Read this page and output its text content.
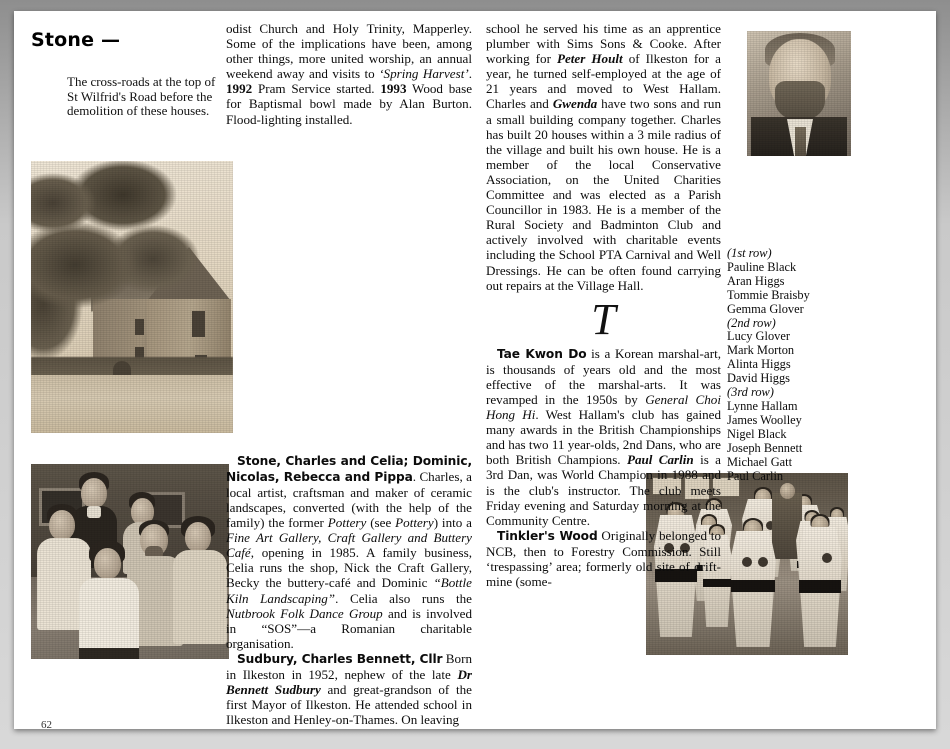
Stone —
The cross-roads at the top of St Wilfrid's Road before the demolition of these houses.

odist Church and Holy Trinity, Mapperley. Some of the implications have been, among other things, more united worship, an annual weekend away and visits to ‘Spring Harvest’. 1992 Pram Service started. 1993 Wood base for Baptismal bowl made by Alan Burton. Flood-lighting installed.

Stone, Charles and Celia; Dominic, Nicolas, Rebecca and Pippa. Charles, a local artist, craftsman and maker of ceramic landscapes, converted (with the help of the family) the former Pottery (see Pottery) into a Fine Art Gallery, Craft Gallery and Buttery Café, opening in 1985. A family business, Celia runs the shop, Nick the Craft Gallery, Becky the buttery-café and Dominic “Bottle Kiln Landscaping”. Celia also runs the Nutbrook Folk Dance Group and is involved in “SOS”—a Romanian charitable organisation.

Sudbury, Charles Bennett, Cllr Born in Ilkeston in 1952, nephew of the late Dr Bennett Sudbury and great-grandson of the first Mayor of Ilkeston. He attended school in Ilkeston and Henley-on-Thames. On leaving

school he served his time as an apprentice plumber with Sims Sons & Cooke. After working for Peter Hoult of Ilkeston for a year, he turned self-employed at the age of 21 years and moved to West Hallam. Charles and Gwenda have two sons and run a small building company together. Charles has built 20 houses within a 3 mile radius of the village and built his own house. He is a member of the local Conservative Association, on the United Charities Committee and was elected as a Parish Councillor in 1983. He is a member of the Rural Society and Badminton Club and actively involved with charitable events including the School PTA Carnival and Well Dressings. He can be often found carrying out repairs at the Village Hall.

T

Tae Kwon Do is a Korean marshal-art, is thousands of years old and the most effective of the marshal-arts. It was revamped in the 1950s by General Choi Hong Hi. West Hallam's club has gained many awards in the British Championships and has two 11 year-olds, 2nd Dans, who are both British Champions. Paul Carlin is a 3rd Dan, was World Champion in 1988 and is the club's instructor. The club meets Friday evening and Saturday morning at the Community Centre.

Tinkler's Wood Originally belonged to NCB, then to Forestry Commission. Still ‘trespassing’ area; formerly old site of drift-mine (some-

(1st row)
Pauline Black
Aran Higgs
Tommie Braisby
Gemma Glover
(2nd row)
Lucy Glover
Mark Morton
Alinta Higgs
David Higgs
(3rd row)
Lynne Hallam
James Woolley
Nigel Black
Joseph Bennett
Michael Gatt
Paul Carlin
62
